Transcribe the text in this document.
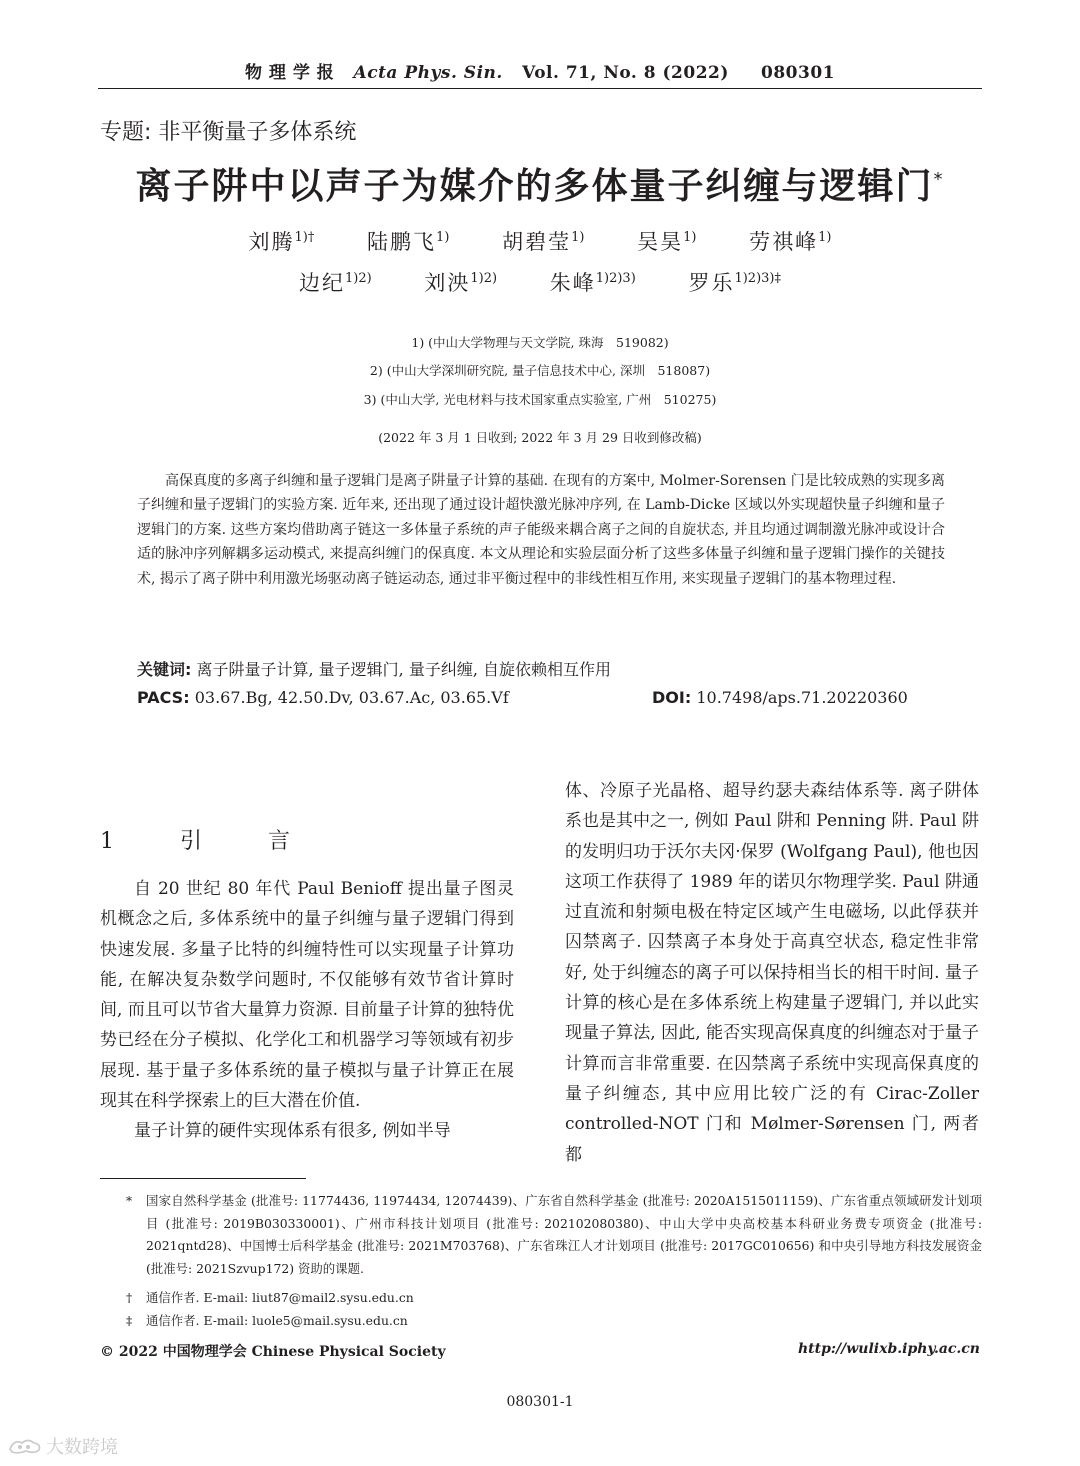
物 理 学 报 Acta Phys. Sin. Vol. 71, No. 8 (2022) 080301
专题: 非平衡量子多体系统
离子阱中以声子为媒介的多体量子纠缠与逻辑门*
刘腾$^{1)\dagger}$	陆鹏飞$^{1)}$	胡碧莹$^{1)}$	吴昊$^{1)}$	劳祺峰$^{1)}$
边纪$^{1)2)}$	刘泱$^{1)2)}$	朱峰$^{1)2)3)}$	罗乐$^{1)2)3)\ddagger}$
1) (中山大学物理与天文学院, 珠海　519082)
2) (中山大学深圳研究院, 量子信息技术中心, 深圳　518087)
3) (中山大学, 光电材料与技术国家重点实验室, 广州　510275)
(2022 年 3 月 1 日收到; 2022 年 3 月 29 日收到修改稿)

高保真度的多离子纠缠和量子逻辑门是离子阱量子计算的基础. 在现有的方案中, Molmer-Sorensen 门是比较成熟的实现多离子纠缠和量子逻辑门的实验方案. 近年来, 还出现了通过设计超快激光脉冲序列, 在 Lamb-Dicke 区域以外实现超快量子纠缠和量子逻辑门的方案. 这些方案均借助离子链这一多体量子系统的声子能级来耦合离子之间的自旋状态, 并且均通过调制激光脉冲或设计合适的脉冲序列解耦多运动模式, 来提高纠缠门的保真度. 本文从理论和实验层面分析了这些多体量子纠缠和量子逻辑门操作的关键技术, 揭示了离子阱中利用激光场驱动离子链运动态, 通过非平衡过程中的非线性相互作用, 来实现量子逻辑门的基本物理过程.

关键词: 离子阱量子计算, 量子逻辑门, 量子纠缠, 自旋依赖相互作用
PACS: 03.67.Bg, 42.50.Dv, 03.67.Ac, 03.65.Vf	DOI: 10.7498/aps.71.20220360
1　引　言

自 20 世纪 80 年代 Paul Benioff 提出量子图灵机概念之后, 多体系统中的量子纠缠与量子逻辑门得到快速发展. 多量子比特的纠缠特性可以实现量子计算功能, 在解决复杂数学问题时, 不仅能够有效节省计算时间, 而且可以节省大量算力资源. 目前量子计算的独特优势已经在分子模拟、化学化工和机器学习等领域有初步展现. 基于量子多体系统的量子模拟与量子计算正在展现其在科学探索上的巨大潜在价值.

量子计算的硬件实现体系有很多, 例如半导

体、冷原子光晶格、超导约瑟夫森结体系等. 离子阱体系也是其中之一, 例如 Paul 阱和 Penning 阱. Paul 阱的发明归功于沃尔夫冈·保罗 (Wolfgang Paul), 他也因这项工作获得了 1989 年的诺贝尔物理学奖. Paul 阱通过直流和射频电极在特定区域产生电磁场, 以此俘获并囚禁离子. 囚禁离子本身处于高真空状态, 稳定性非常好, 处于纠缠态的离子可以保持相当长的相干时间. 量子计算的核心是在多体系统上构建量子逻辑门, 并以此实现量子算法, 因此, 能否实现高保真度的纠缠态对于量子计算而言非常重要. 在囚禁离子系统中实现高保真度的量子纠缠态, 其中应用比较广泛的有 Cirac-Zoller controlled-NOT 门和 Mølmer-Sørensen 门, 两者都

* 国家自然科学基金 (批准号: 11774436, 11974434, 12074439)、广东省自然科学基金 (批准号: 2020A1515011159)、广东省重点领域研发计划项目 (批准号: 2019B030330001)、广州市科技计划项目 (批准号: 202102080380)、中山大学中央高校基本科研业务费专项资金 (批准号: 2021qntd28)、中国博士后科学基金 (批准号: 2021M703768)、广东省珠江人才计划项目 (批准号: 2017GC010656) 和中央引导地方科技发展资金 (批准号: 2021Szvup172) 资助的课题.
† 通信作者. E-mail: liut87@mail2.sysu.edu.cn
‡ 通信作者. E-mail: luole5@mail.sysu.edu.cn
© 2022 中国物理学会 Chinese Physical Society	http://wulixb.iphy.ac.cn
080301-1
大数跨境
